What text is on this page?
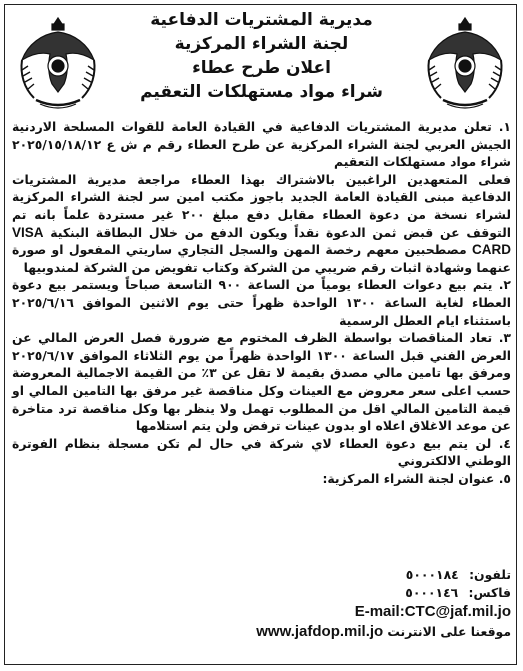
مديرية المشتريات الدفاعية

لجنة الشراء المركزية

اعلان طرح عطاء

شراء مواد مستهلكات التعقيم

١. تعلن مديرية المشتريات الدفاعية في القيادة العامة للقوات المسلحة الاردنية الجيش العربي لجنة الشراء المركزية عن طرح العطاء رقم م ش ع ٢٠٢٥/١٥/١٨/١٢ شراء مواد مستهلكات التعقيم

فعلى المتعهدين الراغبين بالاشتراك بهذا العطاء مراجعة مديرية المشتريات الدفاعية مبنى القيادة العامة الجديد باجوز مكتب امين سر لجنة الشراء المركزية لشراء نسخة من دعوة العطاء مقابل دفع مبلغ ٢٠٠ غير مستردة علماً بانه تم التوقف عن قبض ثمن الدعوة نقداً ويكون الدفع من خلال البطاقة البنكية VISA CARD مصطحبين معهم رخصة المهن والسجل التجاري ساريتي المفعول او صورة عنهما وشهادة اثبات رقم ضريبي من الشركة وكتاب تفويض من الشركة لمندوبيها

٢. يتم بيع دعوات العطاء يومياً من الساعة ٩٠٠ التاسعة صباحاً ويستمر بيع دعوة العطاء لغاية الساعة ١٣٠٠ الواحدة ظهراً حتى يوم الاثنين الموافق ٢٠٢٥/٦/١٦ باستثناء ايام العطل الرسمية

٣. تعاد المناقصات بواسطة الظرف المختوم مع ضرورة فصل العرض المالي عن العرض الفني قبل الساعة ١٣٠٠ الواحدة ظهراً من يوم الثلاثاء الموافق ٢٠٢٥/٦/١٧ ومرفق بها تامين مالي مصدق بقيمة لا تقل عن ٣٪ من القيمة الاجمالية المعروضة حسب اعلى سعر معروض مع العينات وكل مناقصة غير مرفق بها التامين المالي او قيمة التامين المالي اقل من المطلوب تهمل ولا ينظر بها وكل مناقصة ترد متاخرة عن موعد الاغلاق اعلاه او بدون عينات ترفض ولن يتم استلامها

٤. لن يتم بيع دعوة العطاء لاي شركة في حال لم تكن مسجلة بنظام الفوترة الوطني الالكتروني

٥. عنوان لجنة الشراء المركزية:

تلفون: ٥٠٠٠١٨٤
فاكس: ٥٠٠٠١٤٦
E-mail:CTC@jaf.mil.jo
موقعنا على الانترنت www.jafdop.mil.jo
